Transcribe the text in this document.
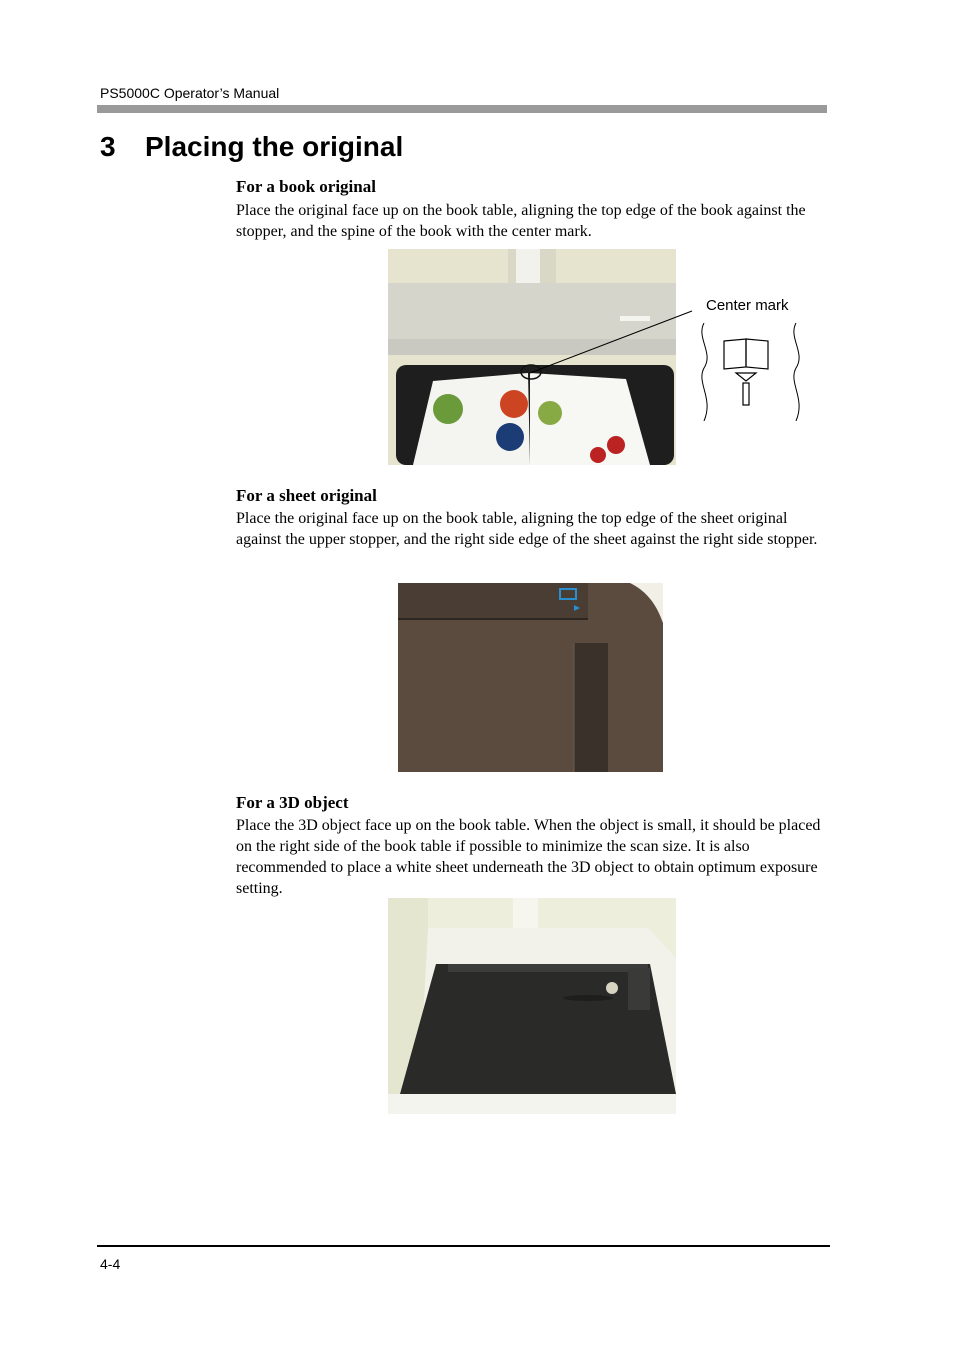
PS5000C Operator’s Manual
3 Placing the original
For a book original
Place the original face up on the book table, aligning the top edge of the book against the stopper, and the spine of the book with the center mark.
Center mark
For a sheet original
Place the original face up on the book table, aligning the top edge of the sheet original against the upper stopper, and the right side edge of the sheet against the right side stopper.
For a 3D object
Place the 3D object face up on the book table. When the object is small, it should be placed on the right side of the book table if possible to minimize the scan size. It is also recommended to place a white sheet underneath the 3D object to obtain optimum exposure setting.
4-4
